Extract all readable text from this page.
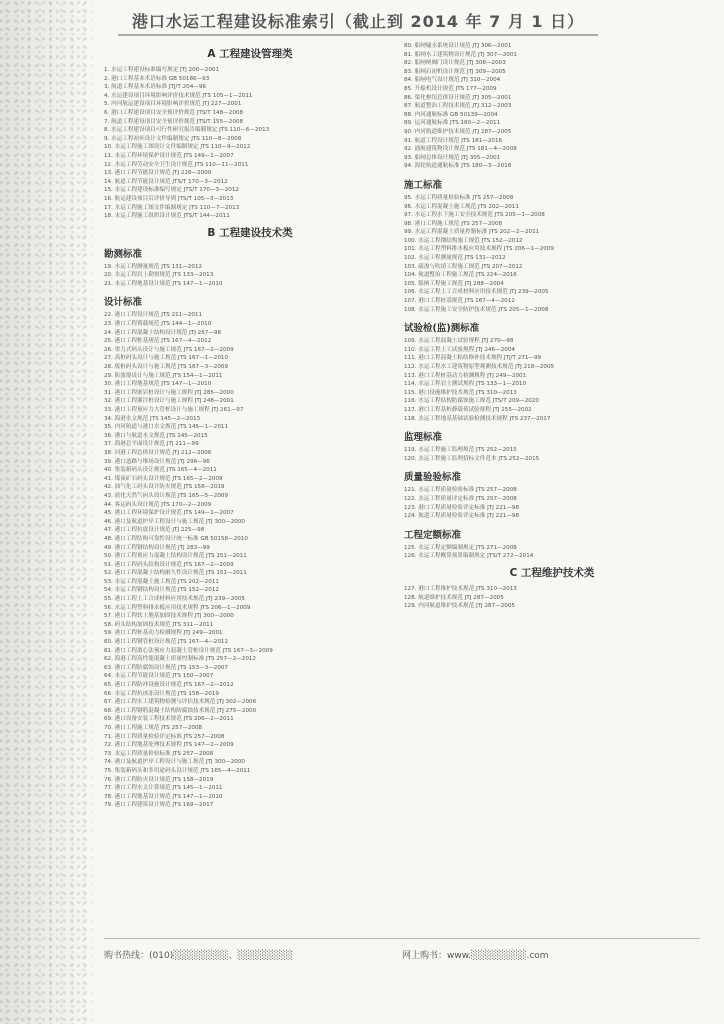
港口水运工程建设标准索引（截止到 2014 年 7 月 1 日）
A 工程建设管理类
1. 水运工程建设标准编写规定 JTJ 200—2001
2. 港口工程基本术语标准 GB 50186—93
3. 航道工程基本术语标准 JTJ/T 204—96
4. 水运建设项目环境影响评价技术规范 JTS 105—1—2011
5. 内河航运建设项目环境影响评价规范 JTJ 227—2001
6. 港口工程建设项目安全预评价规范 JTS/T 148—2008
7. 航道工程建设项目安全预评价规范 JTS/T 155—2008
8. 水运工程建设项目可行性研究报告编制规定 JTS 110—6—2013
9. 水运工程初步设计文件编制规定 JTS 110—8—2008
10. 水运工程施工图设计文件编制规定 JTS 110—9—2012
11. 水运工程环境保护设计规范 JTS 149—1—2007
12. 水运工程劳动安全卫生设计规范 JTS 110—11—2011
13. 港口工程节能设计规范 JTJ 228—2000
14. 航道工程节能设计规范 JTS/T 170—3—2012
15. 水运工程建设标准编写规定 JTS/T 170—3—2012
16. 航运建设项目后评价导则 JTS/T 105—3—2013
17. 水运工程施工图文件编制规定 JTS 110—7—2013
18. 水运工程施工组织设计规范 JTS/T 144—2011
B 工程建设技术类
勘测标准
19. 水运工程测量规范 JTS 131—2012
20. 水运工程岩土勘察规范 JTS 133—2013
21. 水运工程地基设计规范 JTS 147—1—2010
设计标准
22. 港口工程设计规范 JTS 211—2011
23. 港口工程荷载规范 JTS 144—1—2010
24. 港口工程混凝土结构设计规范 JTJ 267—98
25. 港口工程桩基规范 JTS 167—4—2012
26. 重力式码头设计与施工规范 JTS 167—2—2009
27. 高桩码头设计与施工规范 JTS 167—1—2010
28. 板桩码头设计与施工规范 JTS 167—3—2009
29. 防波堤设计与施工规范 JTS 154—1—2011
30. 港口工程地基规范 JTS 147—1—2010
31. 港口工程嵌岩桩设计与施工规程 JTJ 285—2000
32. 港口工程灌注桩设计与施工规程 JTJ 248—2001
33. 港口工程预应力大管桩设计与施工规程 JTJ 261—97
34. 海港水文规范 JTS 145—2—2013
35. 内河航道与港口水文规范 JTS 145—1—2011
36. 港口与航道水文规范 JTS 145—2015
37. 海港总平面设计规范 JTJ 211—99
38. 河港工程总体设计规范 JTJ 212—2006
39. 港口道路与堆场设计规范 JTJ 296—96
40. 集装箱码头设计规范 JTS 165—4—2011
41. 煤炭矿石码头设计规范 JTS 165—2—2009
42. 油气化工码头设计防火规范 JTS 158—2019
43. 液化天然气码头设计规范 JTS 165—5—2009
44. 客运码头设计规范 JTS 170—2—2009
45. 港口工程环境保护设计规范 JTS 149—1—2007
46. 港口及航道护岸工程设计与施工规范 JTJ 300—2000
47. 港口工程抗震设计规范 JTJ 225—98
48. 港口工程结构可靠性设计统一标准 GB 50158—2010
49. 港口工程钢结构设计规范 JTJ 283—99
50. 港口工程预应力混凝土结构设计规范 JTS 151—2011
51. 港口工程码头结构设计规范 JTS 167—2—2009
52. 港口工程混凝土结构耐久性设计规范 JTS 151—2011
53. 水运工程混凝土施工规范 JTS 202—2011
54. 水运工程钢结构设计规范 JTS 152—2012
55. 港口工程土工合成材料应用技术规范 JTJ 239—2005
56. 水运工程塑料排水板应用技术规程 JTS 206—1—2009
57. 港口工程软土地基加固技术规程 JTJ 300—2000
58. 码头结构加固技术规范 JTS 311—2011
59. 港口工程桩基动力检测规程 JTJ 249—2001
60. 港口工程钢管桩设计规范 JTS 167—4—2012
61. 港口工程离心法预应力混凝土管桩设计规范 JTS 167—3—2009
62. 海港工程高性能混凝土质量控制标准 JTS 257—2—2012
63. 港口工程防腐蚀设计规范 JTS 153—3—2007
64. 水运工程节能设计规范 JTS 150—2007
65. 港口工程防冲设施设计规范 JTS 167—2—2012
66. 水运工程抗冰冻设计规范 JTS 158—2019
67. 港口工程水工建筑物检测与评估技术规范 JTJ 302—2006
68. 港口工程钢筋混凝土结构防腐蚀技术规范 JTJ 275—2000
69. 港口设备安装工程技术规范 JTS 206—2—2011
70. 港口工程施工规范 JTS 257—2008
71. 港口工程质量检验评定标准 JTS 257—2008
72. 港口工程地基处理技术规程 JTS 147—2—2009
73. 水运工程质量检验标准 JTS 257—2008
74. 港口及航道护岸工程设计与施工规范 JTJ 300—2000
75. 集装箱码头和多用途码头设计规范 JTS 165—4—2011
76. 港口工程防火设计规范 JTS 158—2019
77. 港口工程水文计算规范 JTS 145—1—2011
78. 港口工程地基设计规范 JTS 147—1—2010
79. 港口工程建筑设计规范 JTS 169—2017
80. 船闸输水系统设计规范 JTJ 306—2001
81. 船闸水工建筑物设计规范 JTJ 307—2001
82. 船闸闸阀门设计规范 JTJ 308—2003
83. 船闸启闭机设计规范 JTJ 309—2005
84. 船闸电气设计规范 JTJ 310—2004
85. 升船机设计规范 JTS 177—2009
86. 渠化枢纽总体设计规范 JTJ 305—2001
87. 航道整治工程技术规范 JTJ 312—2003
88. 内河通航标准 GB 50139—2004
89. 运河通航标准 JTS 180—2—2011
90. 内河航道维护技术规范 JTJ 287—2005
91. 航道工程设计规范 JTS 181—2016
92. 通航建筑物设计规范 JTS 181—4—2008
93. 船闸总体设计规范 JTJ 305—2001
94. 海轮航道通航标准 JTS 180—3—2018
施工标准
95. 水运工程质量检验标准 JTS 257—2008
96. 水运工程混凝土施工规范 JTS 202—2011
97. 水运工程水下施工安全技术规范 JTS 205—1—2008
98. 港口工程施工规范 JTS 257—2008
99. 水运工程混凝土质量控制标准 JTS 202—2—2011
100. 水运工程钢结构施工规范 JTS 152—2012
101. 水运工程塑料排水板应用技术规程 JTS 206—1—2009
102. 水运工程测量规范 JTS 131—2012
103. 疏浚与吹填工程施工规范 JTS 207—2012
104. 航道整治工程施工规范 JTS 224—2016
105. 船闸工程施工规范 JTJ 288—2004
106. 水运工程土工合成材料应用技术规范 JTJ 239—2005
107. 港口工程桩基规范 JTS 167—4—2012
108. 水运工程施工安全防护技术规范 JTS 205—1—2008
试验检(监)测标准
109. 水运工程混凝土试验规程 JTJ 270—98
110. 水运工程土工试验规程 JTJ 246—2004
111. 港口工程混凝土粘结修补技术规程 JTJ/T 271—99
112. 水运工程水工建筑物原型观测技术规范 JTJ 218—2005
113. 港口工程桩基动力检测规程 JTJ 249—2001
114. 水运工程岩土测试规程 JTS 133—1—2010
115. 港口设施维护技术规范 JTS 310—2013
116. 水运工程结构防腐蚀施工规范 JTS/T 209—2020
117. 港口工程基桩静载荷试验规程 JTJ 255—2002
118. 水运工程地基基础试验检测技术规程 JTS 237—2017
监理标准
119. 水运工程施工监理规范 JTS 252—2015
120. 水运工程施工监理招标文件范本 JTS 252—2015
质量验验标准
121. 水运工程质量检验标准 JTS 257—2008
122. 水运工程质量评定标准 JTS 257—2008
123. 港口工程质量检验评定标准 JTJ 221—98
124. 航道工程质量检验评定标准 JTJ 221—98
工程定额标准
125. 水运工程定额编制规定 JTS 271—2008
126. 水运工程概算预算编制规定 JTS/T 272—2014
C 工程维护技术类
127. 港口工程维护技术规范 JTS 310—2013
128. 航道维护技术规范 JTJ 287—2005
129. 内河航道维护技术规范 JTJ 287—2005
购书热线：(010)░░░░░░░░、░░░░░░░░	网上购书：www.░░░░░░░░.com
